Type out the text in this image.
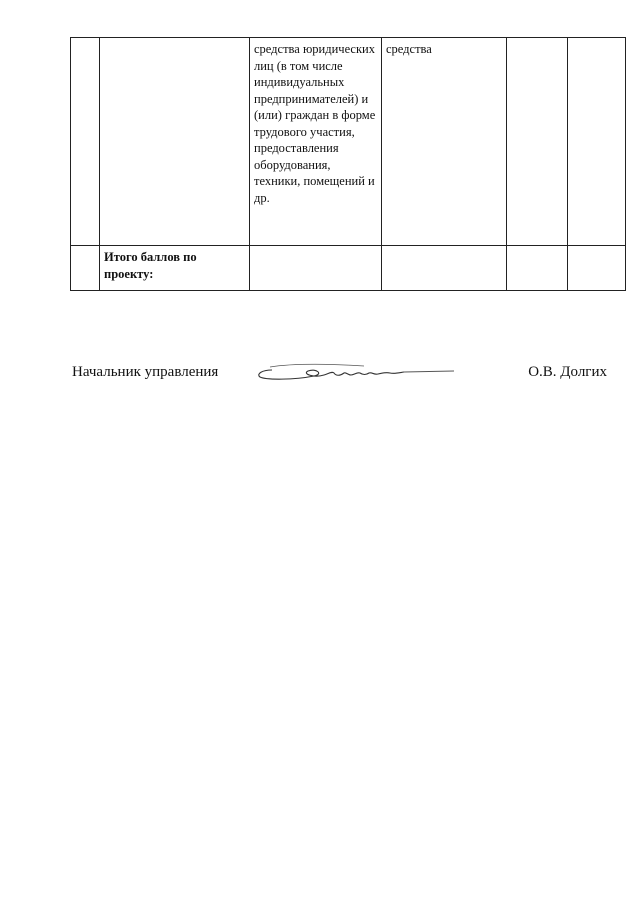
		средства юридических лиц (в том числе индивидуальных предпринимателей) и (или) граждан в форме трудового участия, предоставления оборудования, техники, помещений и др.	средства		
	Итого баллов по проекту:				
Начальник управления	О.В. Долгих
